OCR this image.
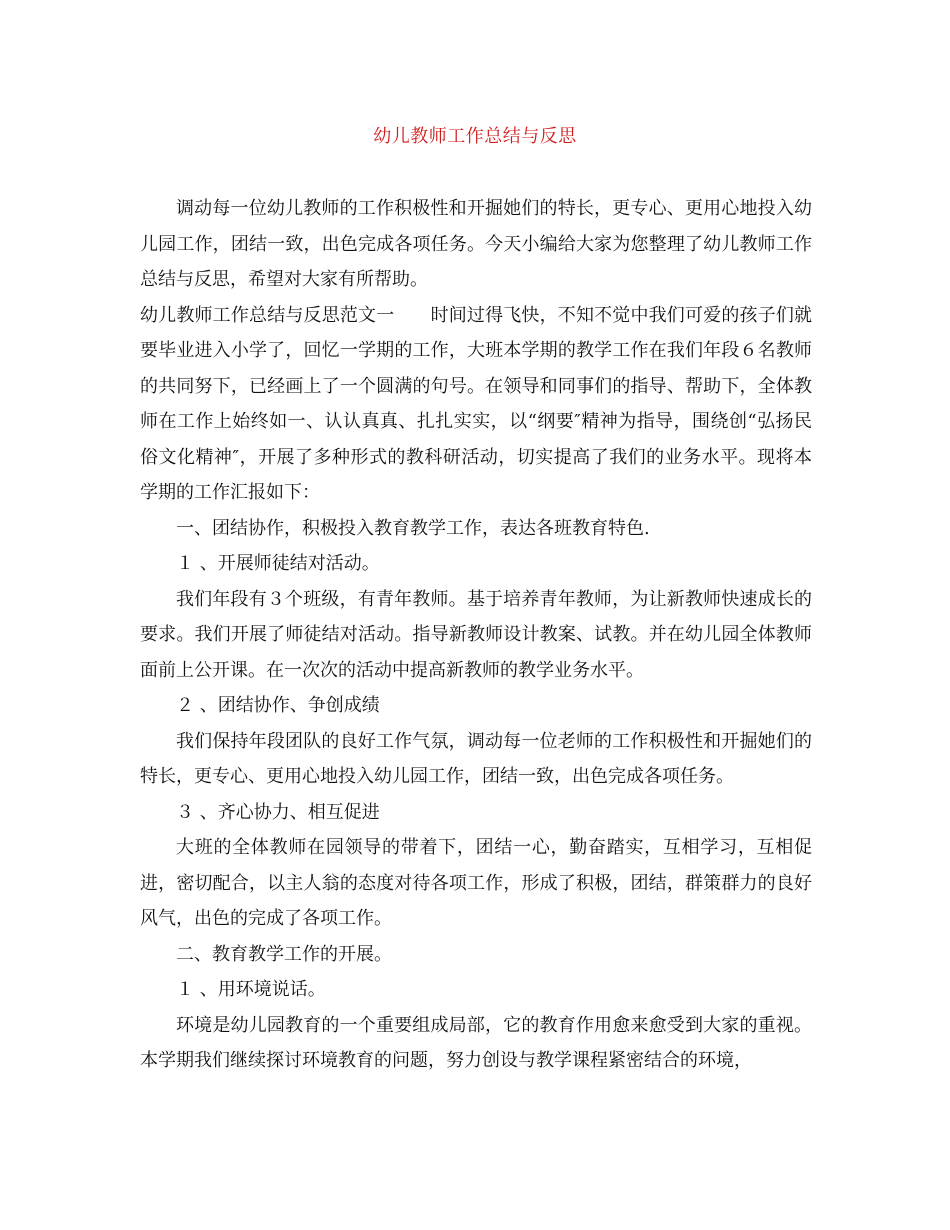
幼儿教师工作总结与反思

调动每一位幼儿教师的工作积极性和开掘她们的特长，更专心、更用心地投入幼儿园工作，团结一致，出色完成各项任务。今天小编给大家为您整理了幼儿教师工作总结与反思，希望对大家有所帮助。

幼儿教师工作总结与反思范文一 时间过得飞快，不知不觉中我们可爱的孩子们就要毕业进入小学了，回忆一学期的工作，大班本学期的教学工作在我们年段６名教师的共同努下，已经画上了一个圆满的句号。在领导和同事们的指导、帮助下，全体教师在工作上始终如一、认认真真、扎扎实实，以“纲要″精神为指导，围绕创“弘扬民俗文化精神″，开展了多种形式的教科研活动，切实提高了我们的业务水平。现将本学期的工作汇报如下：

一、团结协作，积极投入教育教学工作，表达各班教育特色.

１ 、开展师徒结对活动。

我们年段有３个班级，有青年教师。基于培养青年教师，为让新教师快速成长的要求。我们开展了师徒结对活动。指导新教师设计教案、试教。并在幼儿园全体教师面前上公开课。在一次次的活动中提高新教师的教学业务水平。

２ 、团结协作、争创成绩

我们保持年段团队的良好工作气氛，调动每一位老师的工作积极性和开掘她们的特长，更专心、更用心地投入幼儿园工作，团结一致，出色完成各项任务。

３ 、齐心协力、相互促进

大班的全体教师在园领导的带着下，团结一心，勤奋踏实，互相学习，互相促进，密切配合，以主人翁的态度对待各项工作，形成了积极，团结，群策群力的良好风气，出色的完成了各项工作。

二、教育教学工作的开展。

１ 、用环境说话。

环境是幼儿园教育的一个重要组成局部，它的教育作用愈来愈受到大家的重视。本学期我们继续探讨环境教育的问题，努力创设与教学课程紧密结合的环境，
